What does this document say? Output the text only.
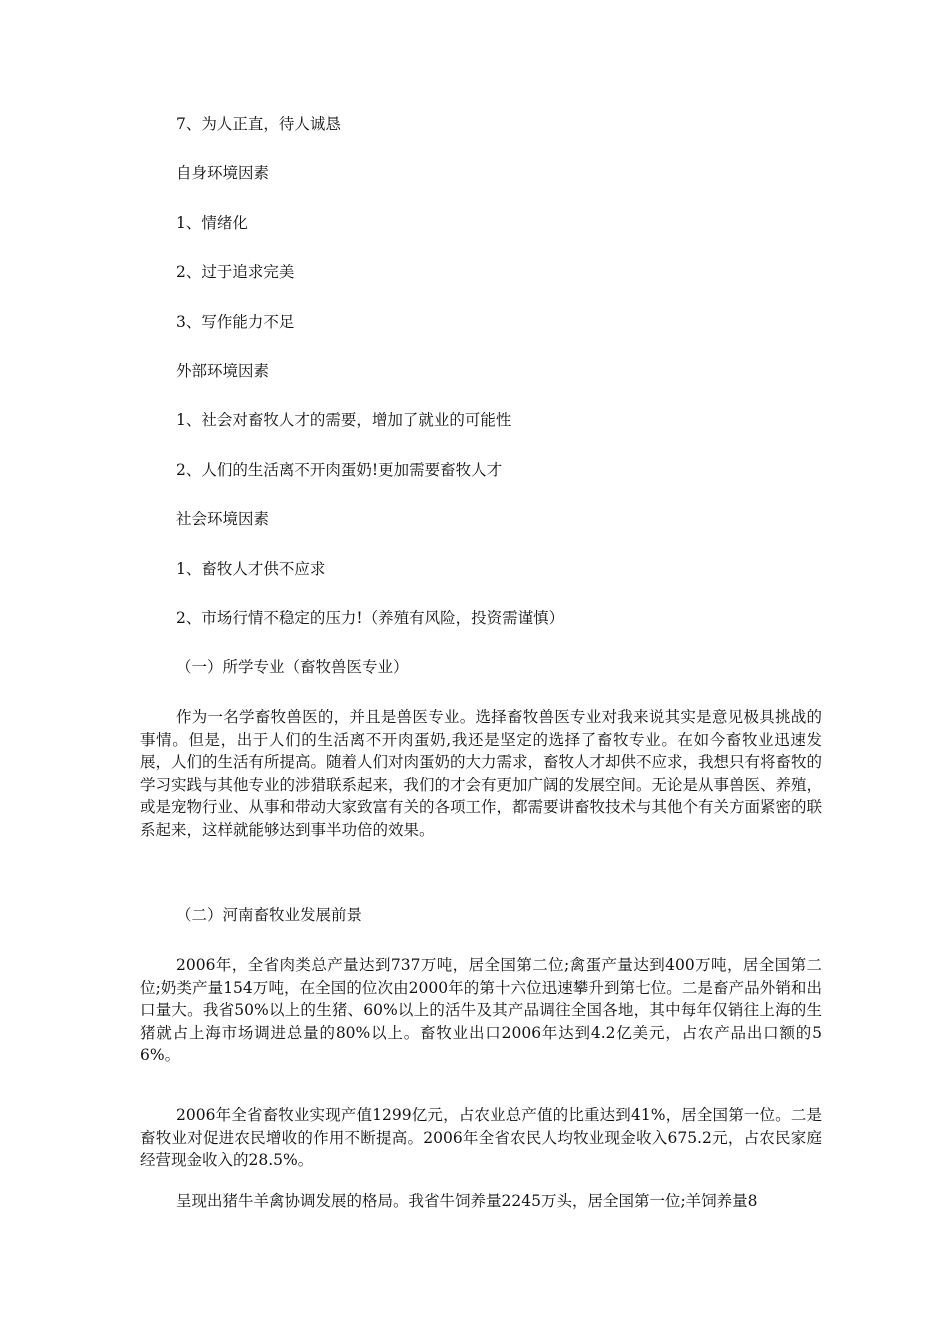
7、为人正直，待人诚恳
自身环境因素
1、情绪化
2、过于追求完美
3、写作能力不足
外部环境因素
1、社会对畜牧人才的需要，增加了就业的可能性
2、人们的生活离不开肉蛋奶!更加需要畜牧人才
社会环境因素
1、畜牧人才供不应求
2、市场行情不稳定的压力!（养殖有风险，投资需谨慎）
（一）所学专业（畜牧兽医专业）
作为一名学畜牧兽医的，并且是兽医专业。选择畜牧兽医专业对我来说其实是意见极具挑战的事情。但是，出于人们的生活离不开肉蛋奶,我还是坚定的选择了畜牧专业。在如今畜牧业迅速发展，人们的生活有所提高。随着人们对肉蛋奶的大力需求，畜牧人才却供不应求，我想只有将畜牧的学习实践与其他专业的涉猎联系起来，我们的才会有更加广阔的发展空间。无论是从事兽医、养殖，或是宠物行业、从事和带动大家致富有关的各项工作，都需要讲畜牧技术与其他个有关方面紧密的联系起来，这样就能够达到事半功倍的效果。
（二）河南畜牧业发展前景
2006年，全省肉类总产量达到737万吨，居全国第二位;禽蛋产量达到400万吨，居全国第二位;奶类产量154万吨，在全国的位次由2000年的第十六位迅速攀升到第七位。二是畜产品外销和出口量大。我省50%以上的生猪、60%以上的活牛及其产品调往全国各地，其中每年仅销往上海的生猪就占上海市场调进总量的80%以上。畜牧业出口2006年达到4.2亿美元，占农产品出口额的56%。
2006年全省畜牧业实现产值1299亿元，占农业总产值的比重达到41%，居全国第一位。二是畜牧业对促进农民增收的作用不断提高。2006年全省农民人均牧业现金收入675.2元，占农民家庭经营现金收入的28.5%。
呈现出猪牛羊禽协调发展的格局。我省牛饲养量2245万头，居全国第一位;羊饲养量8
